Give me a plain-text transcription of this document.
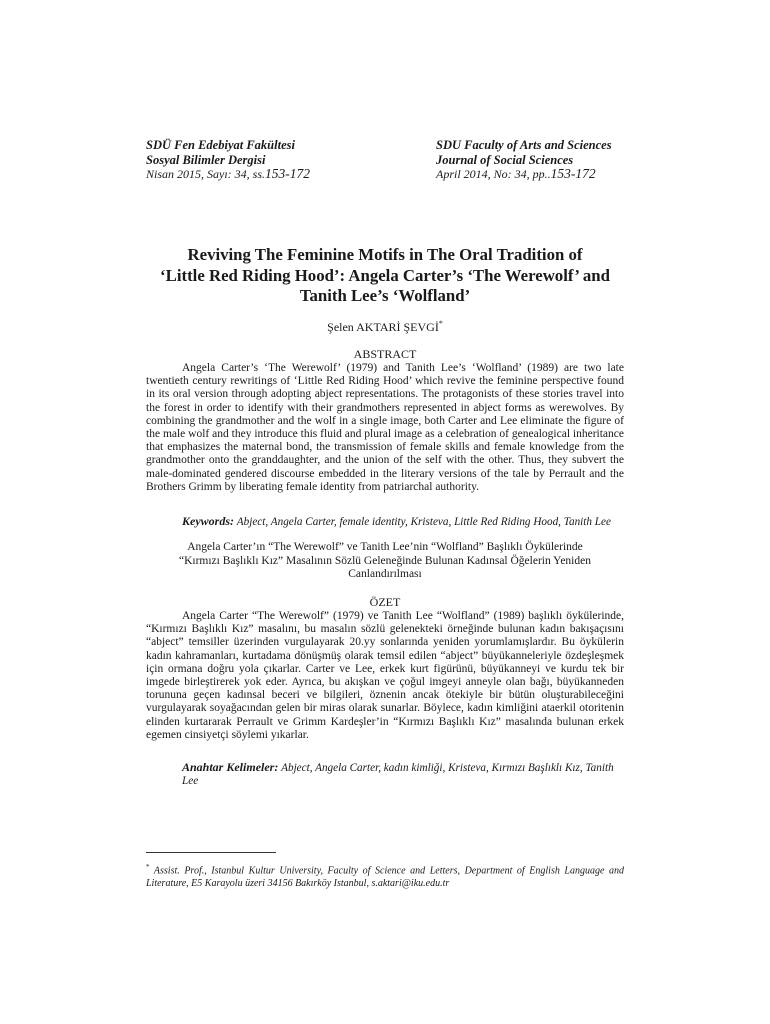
SDÜ Fen Edebiyat Fakültesi
Sosyal Bilimler Dergisi
Nisan 2015, Sayı: 34, ss.153-172
SDU Faculty of Arts and Sciences
Journal of Social Sciences
April 2014, No: 34, pp..153-172
Reviving The Feminine Motifs in The Oral Tradition of
‘Little Red Riding Hood’: Angela Carter’s ‘The Werewolf’ and
Tanith Lee’s ‘Wolfland’
Şelen AKTARİ ŞEVGİ*
ABSTRACT

Angela Carter’s ‘The Werewolf’ (1979) and Tanith Lee’s ‘Wolfland’ (1989) are two late twentieth century rewritings of ‘Little Red Riding Hood’ which revive the feminine perspective found in its oral version through adopting abject representations. The protagonists of these stories travel into the forest in order to identify with their grandmothers represented in abject forms as werewolves. By combining the grandmother and the wolf in a single image, both Carter and Lee eliminate the figure of the male wolf and they introduce this fluid and plural image as a celebration of genealogical inheritance that emphasizes the maternal bond, the transmission of female skills and female knowledge from the grandmother onto the granddaughter, and the union of the self with the other. Thus, they subvert the male-dominated gendered discourse embedded in the literary versions of the tale by Perrault and the Brothers Grimm by liberating female identity from patriarchal authority.

Keywords: Abject, Angela Carter, female identity, Kristeva, Little Red Riding Hood, Tanith Lee
Angela Carter’ın “The Werewolf” ve Tanith Lee’nin “Wolfland” Başlıklı Öykülerinde
“Kırmızı Başlıklı Kız” Masalının Sözlü Geleneğinde Bulunan Kadınsal Öğelerin Yeniden
Canlandırılması
ÖZET

Angela Carter “The Werewolf” (1979) ve Tanith Lee “Wolfland” (1989) başlıklı öykülerinde, “Kırmızı Başlıklı Kız” masalını, bu masalın sözlü gelenekteki örneğinde bulunan kadın bakışaçısını “abject” temsiller üzerinden vurgulayarak 20.yy sonlarında yeniden yorumlamışlardır. Bu öykülerin kadın kahramanları, kurtadama dönüşmüş olarak temsil edilen “abject” büyükanneleriyle özdeşleşmek için ormana doğru yola çıkarlar. Carter ve Lee, erkek kurt figürünü, büyükanneyi ve kurdu tek bir imgede birleştirerek yok eder. Ayrıca, bu akışkan ve çoğul imgeyi anneyle olan bağı, büyükanneden torununa geçen kadınsal beceri ve bilgileri, öznenin ancak ötekiyle bir bütün oluşturabileceğini vurgulayarak soyağacından gelen bir miras olarak sunarlar. Böylece, kadın kimliğini ataerkil otoritenin elinden kurtararak Perrault ve Grimm Kardeşler’in “Kırmızı Başlıklı Kız” masalında bulunan erkek egemen cinsiyetçi söylemi yıkarlar.

Anahtar Kelimeler: Abject, Angela Carter, kadın kimliği, Kristeva, Kırmızı Başlıklı Kız, Tanith Lee
* Assist. Prof., Istanbul Kultur University, Faculty of Science and Letters, Department of English Language and Literature, E5 Karayolu üzeri 34156 Bakırköy Istanbul, s.aktari@iku.edu.tr
